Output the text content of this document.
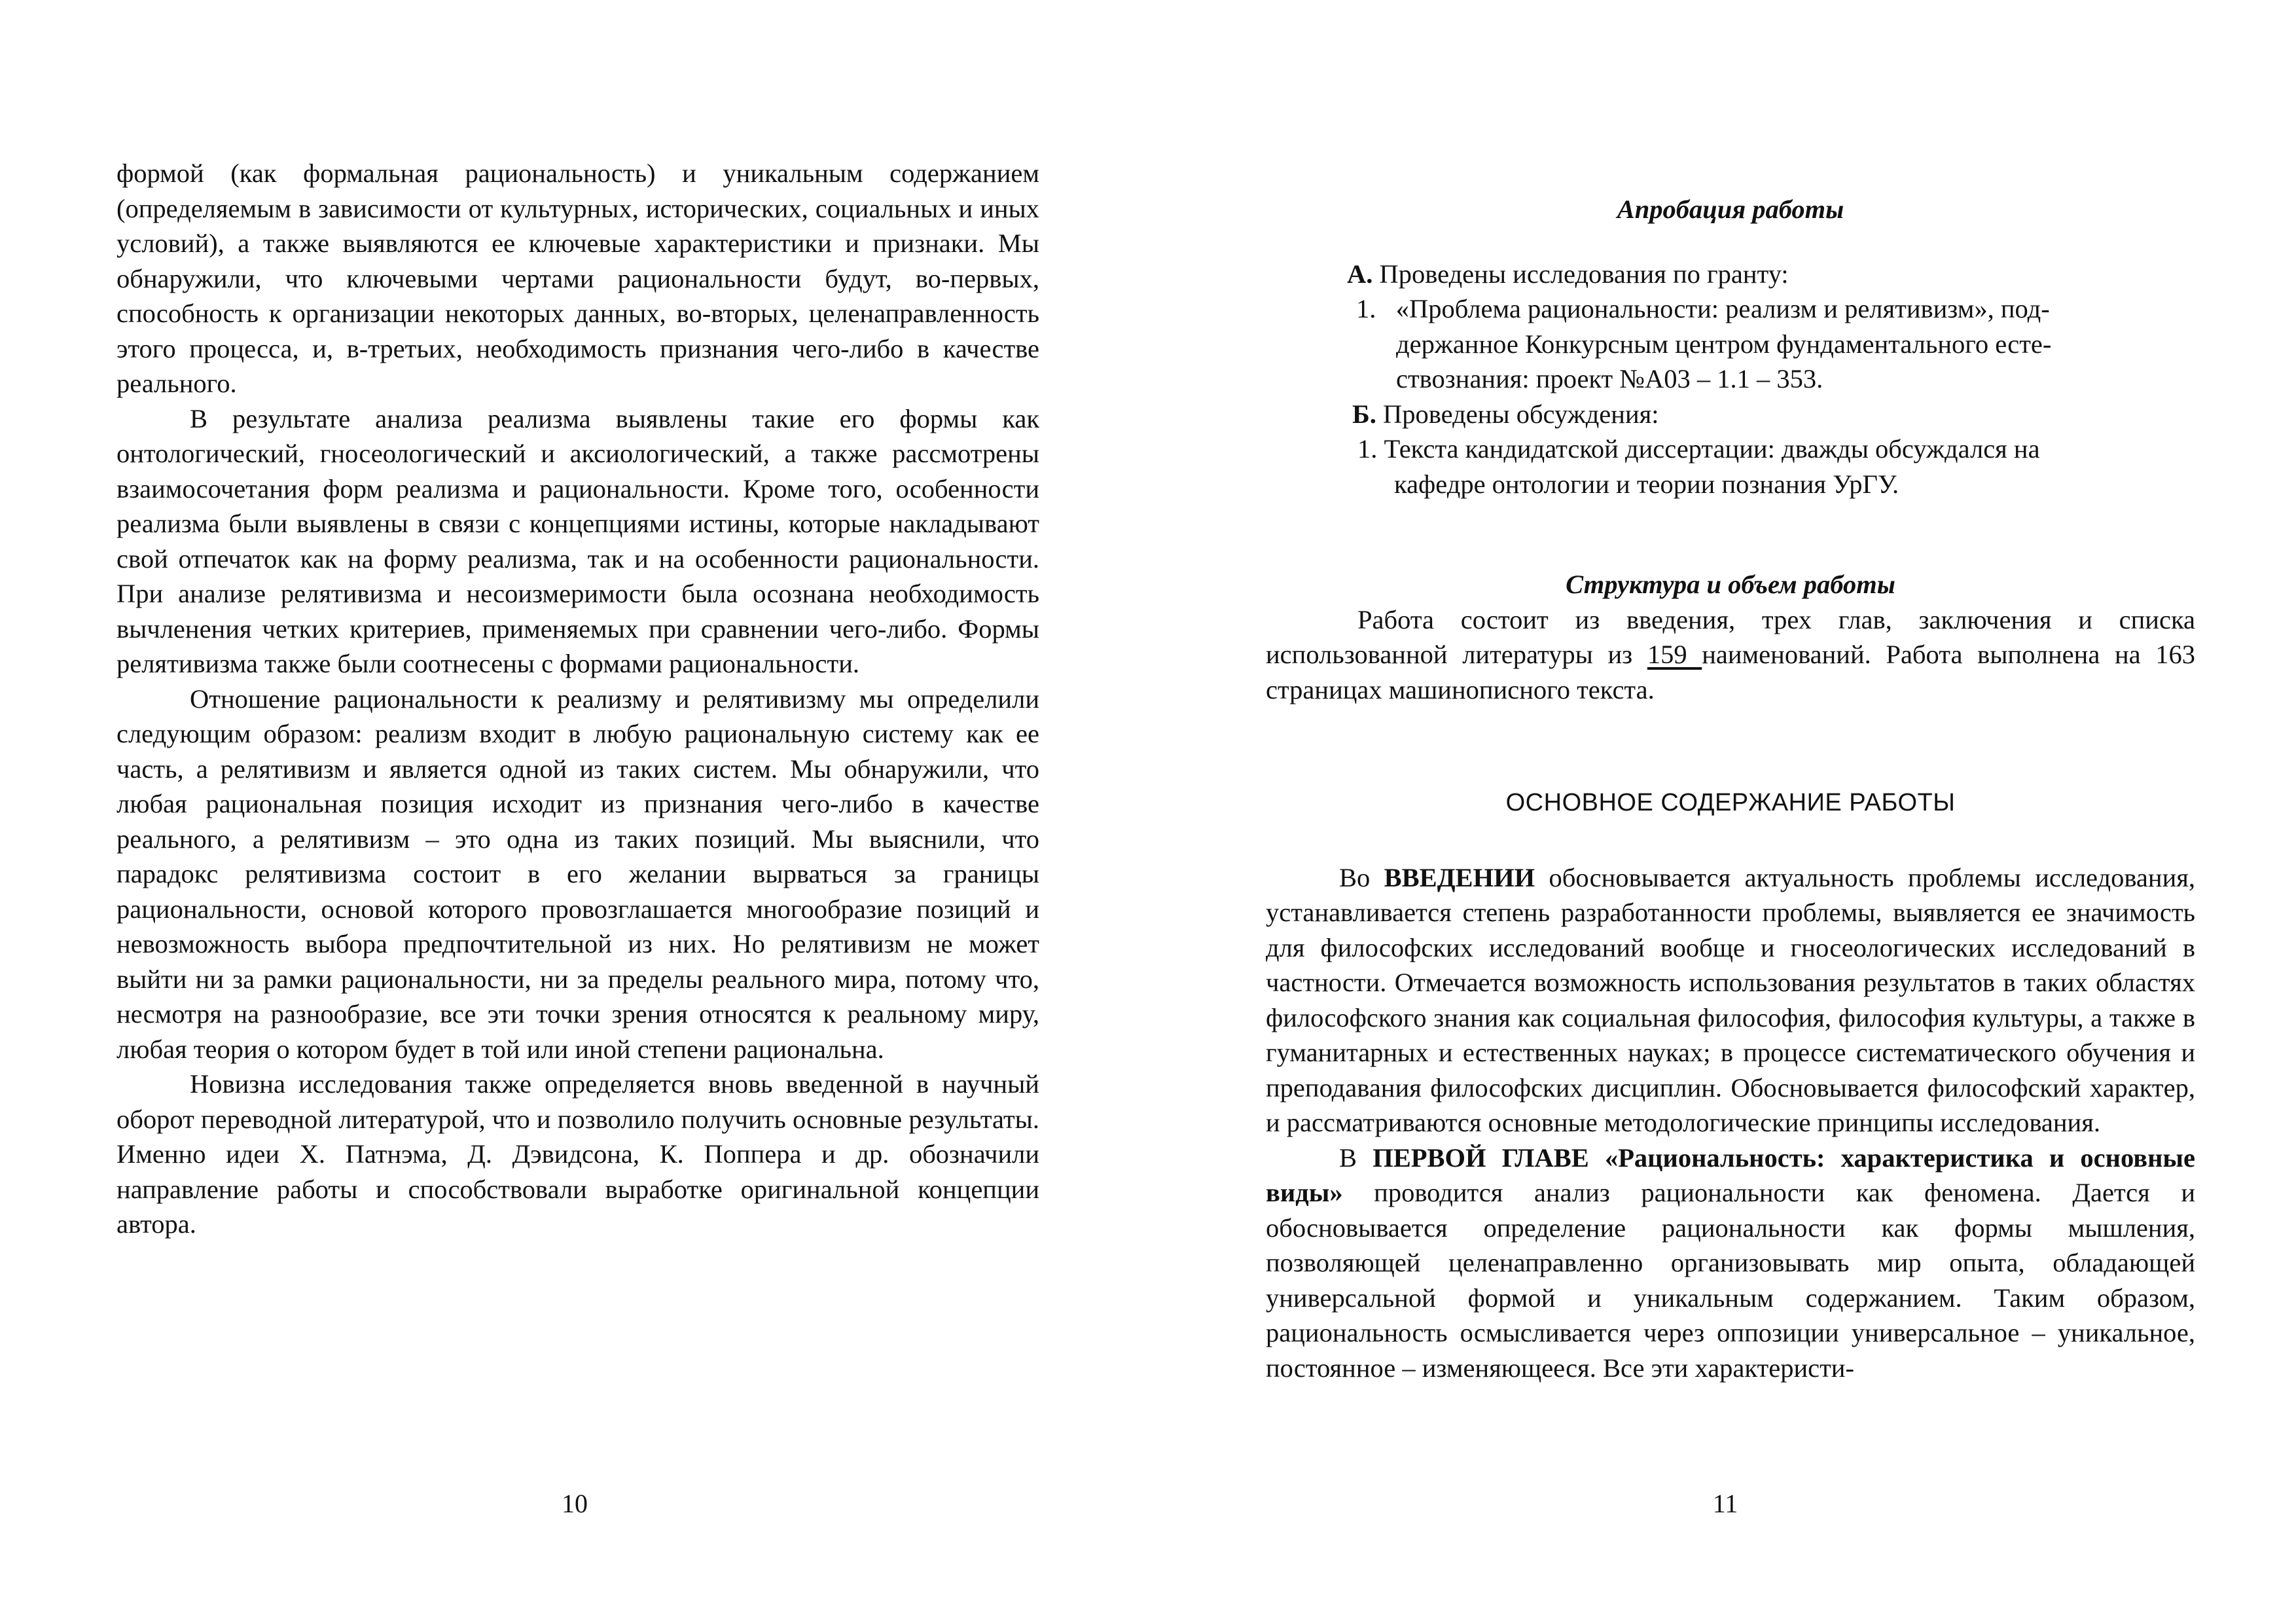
формой (как формальная рациональность) и уникальным содержанием (определяемым в зависимости от культурных, исторических, социальных и иных условий), а также выявляются ее ключевые характеристики и признаки. Мы обнаружили, что ключевыми чертами рациональности будут, во-первых, способность к организации некоторых данных, во-вторых, целенаправленность этого процесса, и, в-третьих, необходимость признания чего-либо в качестве реального.

В результате анализа реализма выявлены такие его формы как онтологический, гносеологический и аксиологический, а также рассмотрены взаимосочетания форм реализма и рациональности. Кроме того, особенности реализма были выявлены в связи с концепциями истины, которые накладывают свой отпечаток как на форму реализма, так и на особенности рациональности. При анализе релятивизма и несоизмеримости была осознана необходимость вычленения четких критериев, применяемых при сравнении чего-либо. Формы релятивизма также были соотнесены с формами рациональности.

Отношение рациональности к реализму и релятивизму мы определили следующим образом: реализм входит в любую рациональную систему как ее часть, а релятивизм и является одной из таких систем. Мы обнаружили, что любая рациональная позиция исходит из признания чего-либо в качестве реального, а релятивизм – это одна из таких позиций. Мы выяснили, что парадокс релятивизма состоит в его желании вырваться за границы рациональности, основой которого провозглашается многообразие позиций и невозможность выбора предпочтительной из них. Но релятивизм не может выйти ни за рамки рациональности, ни за пределы реального мира, потому что, несмотря на разнообразие, все эти точки зрения относятся к реальному миру, любая теория о котором будет в той или иной степени рациональна.

Новизна исследования также определяется вновь введенной в научный оборот переводной литературой, что и позволило получить основные результаты. Именно идеи Х. Патнэма, Д. Дэвидсона, К. Поппера и др. обозначили направление работы и способствовали выработке оригинальной концепции автора.

10

Апробация работы

А. Проведены исследования по гранту:
1. «Проблема рациональности: реализм и релятивизм», под-
держанное Конкурсным центром фундаментального есте-
ствознания: проект №А03 – 1.1 – 353.
Б. Проведены обсуждения:
1. Текста кандидатской диссертации: дважды обсуждался на
кафедре онтологии и теории познания УрГУ.

Структура и объем работы

Работа состоит из введения, трех глав, заключения и списка использованной литературы из 159 наименований. Работа выполнена на 163 страницах машинописного текста.

ОСНОВНОЕ СОДЕРЖАНИЕ РАБОТЫ

Во ВВЕДЕНИИ обосновывается актуальность проблемы исследования, устанавливается степень разработанности проблемы, выявляется ее значимость для философских исследований вообще и гносеологических исследований в частности. Отмечается возможность использования результатов в таких областях философского знания как социальная философия, философия культуры, а также в гуманитарных и естественных науках; в процессе систематического обучения и преподавания философских дисциплин. Обосновывается философский характер, и рассматриваются основные методологические принципы исследования.

В ПЕРВОЙ ГЛАВЕ «Рациональность: характеристика и основные виды» проводится анализ рациональности как феномена. Дается и обосновывается определение рациональности как формы мышления, позволяющей целенаправленно организовывать мир опыта, обладающей универсальной формой и уникальным содержанием. Таким образом, рациональность осмысливается через оппозиции универсальное – уникальное, постоянное – изменяющееся. Все эти характеристи-

11
